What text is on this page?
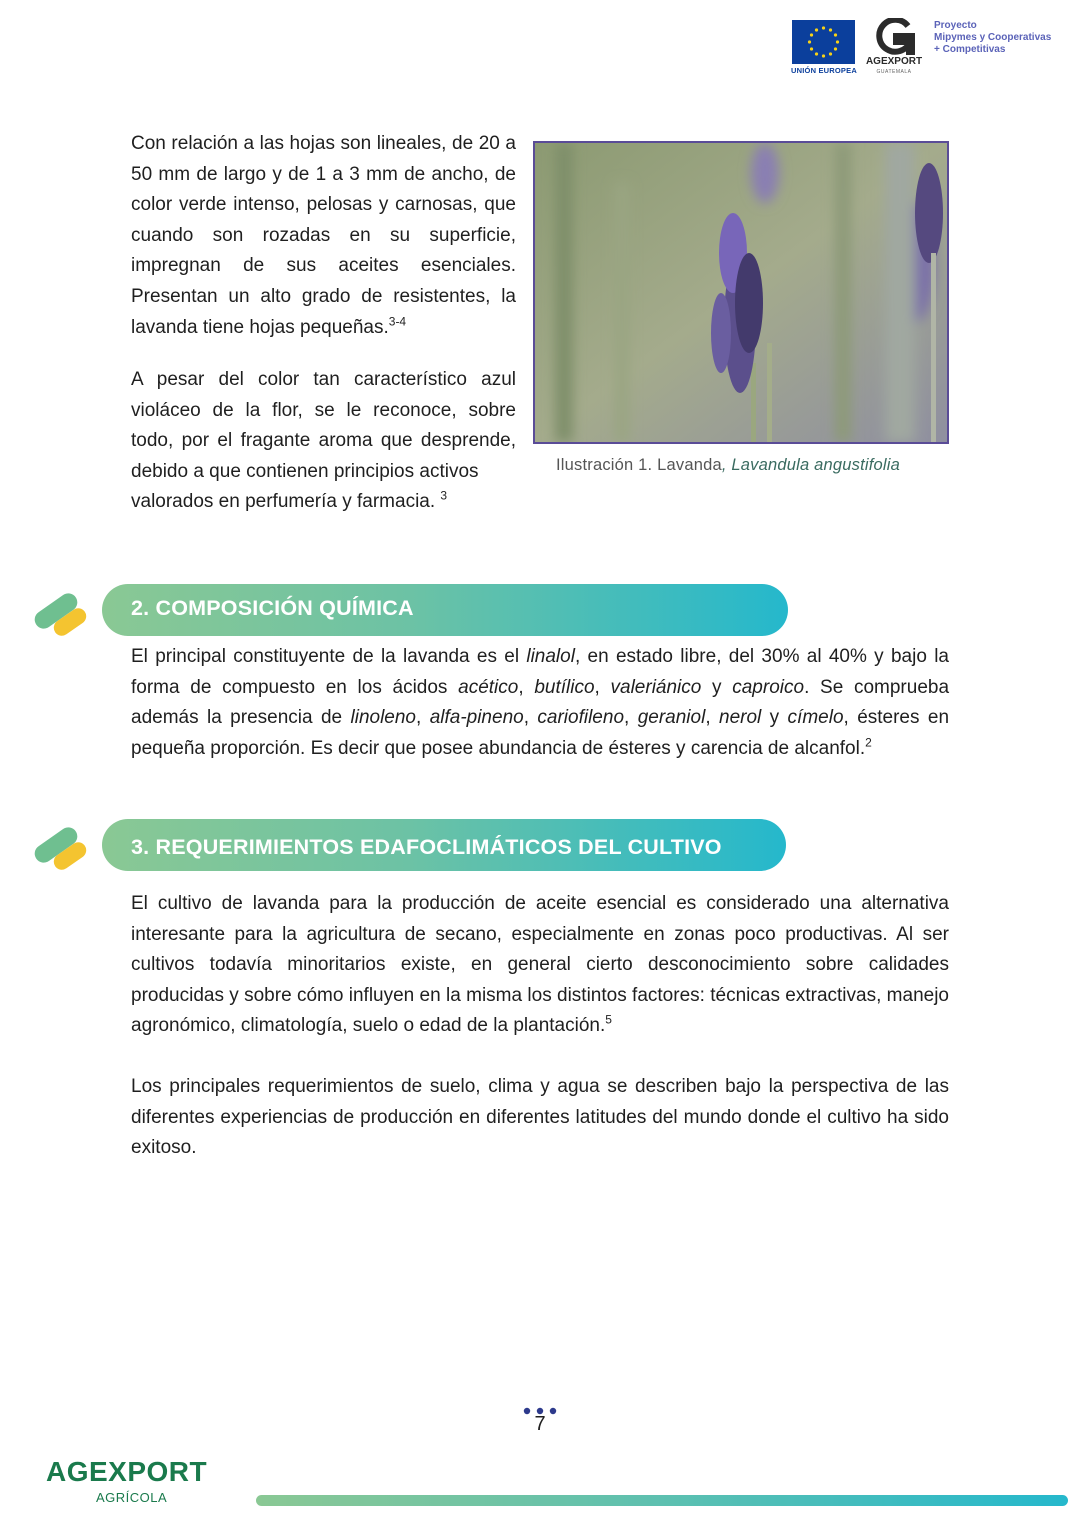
UNIÓN EUROPEA
AGEXPORT
GUATEMALA
Proyecto
Mipymes y Cooperativas
+ Competitivas
Con relación a las hojas son lineales, de 20 a 50 mm de largo y de 1 a 3 mm de ancho, de color verde intenso, pelosas y carnosas, que cuando son rozadas en su superficie, impregnan de sus aceites esenciales. Presentan un alto grado de resistentes, la lavanda tiene hojas pequeñas.$^{3-4}$
A pesar del color tan característico azul violáceo de la flor, se le reconoce, sobre todo, por el fragante aroma que desprende, debido a que contienen principios activos
valorados en perfumería y farmacia. $^3$
Ilustración 1. Lavanda, Lavandula angustifolia
2. COMPOSICIÓN QUÍMICA
El principal constituyente de la lavanda es el linalol, en estado libre, del 30% al 40% y bajo la forma de compuesto en los ácidos acético, butílico, valeriánico y caproico. Se comprueba además la presencia de linoleno, alfa-pineno, cariofileno, geraniol, nerol y címelo, ésteres en pequeña proporción. Es decir que posee abundancia de ésteres y carencia de alcanfol.$^2$
3. REQUERIMIENTOS EDAFOCLIMÁTICOS DEL CULTIVO
El cultivo de lavanda para la producción de aceite esencial es considerado una alternativa interesante para la agricultura de secano, especialmente en zonas poco productivas. Al ser cultivos todavía minoritarios existe, en general cierto desconocimiento sobre calidades producidas y sobre cómo influyen en la misma los distintos factores: técnicas extractivas, manejo agronómico, climatología, suelo o edad de la plantación.$^5$
Los principales requerimientos de suelo, clima y agua se describen bajo la perspectiva de las diferentes experiencias de producción en diferentes latitudes del mundo donde el cultivo ha sido exitoso.
7
AGEXPORT
AGRÍCOLA
